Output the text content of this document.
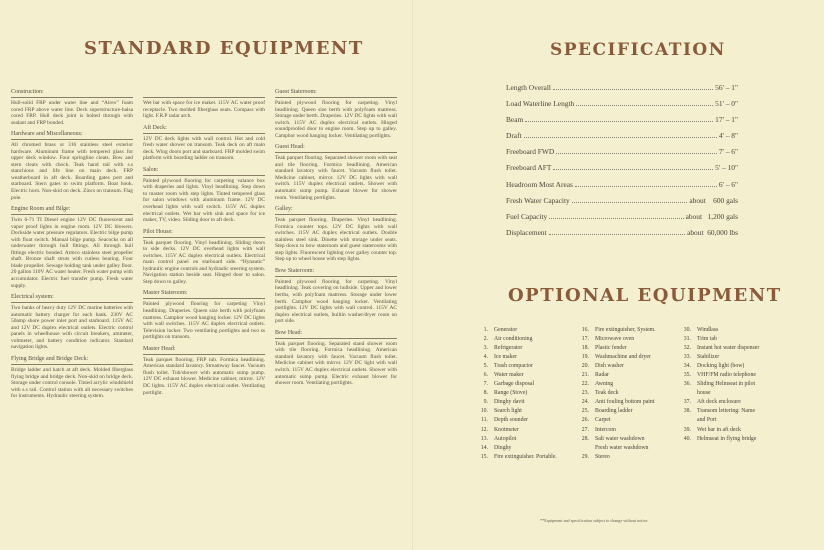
STANDARD EQUIPMENT
Construction:

Hull-solid FRP under water line and “Airex” foam cored FRP above water line. Deck superstructure-balsa cored FRP. Hull deck joint is bolted through with sealant and FRP bonded.

Hardware and Miscellaneous:

All chromed brass or 316 stainless steel exterior hardware. Aluminum frame with tempered glass for upper deck window. Four springline cleats. Bow and stern cleats with chock. Teak hand rail with s.s stanchions and life line on main deck. FRP weatherboard in aft deck. Boarding gates port and starboard. Stern gates to swim platform. Boat hook. Electric horn. Non-skid on deck. Zincs on transom. Flag pole.

Engine Room and Bilge:

Twin 6-71 TI Diesel engine 12V DC fluorescent and vapor proof lights in engine room. 12V DC blowers. Dockside water pressure regulators. Electric bilge pump with float switch. Manual bilge pump. Seacocks on all underwater through hull fittings. All through hull fittings electric bonded. Armco stainless steel propeller shaft. Bronze shaft struts with cutless bearing. Four blade propeller. Sewage holding tank under galley floor. 20 gallon 110V AC water heater. Fresh water pump with accumulator. Electric fuel transfer pump. Fresh water supply.

Electrical system:

Two banks of heavy duty 12V DC marine batteries with automatic battery charger for each bank. 230V AC 50amp shore power inlet port and starboard. 115V AC and 12V DC duplex electrical outlets. Electric control panels in wheelhouse with circuit breakers, ammeter, voltmeter, and battery condition indicator. Standard navigation lights.

Flying Bridge and Bridge Deck:

Bridge ladder and hatch at aft deck. Molded fiberglass flying bridge and bridge deck. Non-skid on bridge deck. Storage under control console. Tinted acrylic windshield with s.s rail. Control station with all necessary switches for instruments. Hydraulic steering system.

Wet bar with space for ice maker. 115V AC water proof receptacle. Two molded fiberglass seats. Compass with light. F.R.P radar arch.

Aft Deck:

12V DC deck lights with wall control. Hot and cold fresh water shower on transom. Teak deck on aft main deck. Wing doors port and starboard. FRP molded swim platform with boarding ladder on transom.

Salon:

Painted plywood flooring for carpeting valance box with draperies and lights. Vinyl headlining. Step down to master room with step lights. Tinted tempered glass for salon windows with aluminum frame. 12V DC overhead lights with wall switch. 115V AC duplex electrical outlets. Wet bar with sink and space for ice maker, TV, video. Sliding door to aft deck.

Pilot House:

Teak parquet flooring. Vinyl headlining. Sliding doors to side decks. 12V DC overhead lights with wall switches. 115V AC duplex electrical outlets. Electrical main control panel on starboard side. “Hynautic” hydraulic engine controls and hydraulic steering system. Navigation station beside seat. Hinged door to salon. Step down to galley.

Master Stateroom:

Painted plywood flooring for carpeting Vinyl headlining. Draperies. Queen size berth with polyfoam mattress. Camphor wood hanging locker. 12V DC lights with wall switches. 115V AC duplex electrical outlets. Television locker. Two ventilating portlights and two ss portlights on transom.

Master Head:

Teak parquet flooring. FRP tub. Formica headlining. American standard lavatory. Streamway faucet. Vacuum flush toilet. Tub/shower with automatic sump pump. 12V DC exhaust blower. Medicine cabinet, mirror. 12V DC lights. 115V AC duplex electrical outlet. Ventilating portlight.

Guest Stateroom:

Painted plywood flooring for carpeting. Vinyl headlining. Queen size berth with polyfoam mattress. Storage under berth. Draperies. 12V DC lights with wall switch. 115V AC duplex electrical outlets. Hinged soundproofed door to engine room. Step up to galley. Camphor wood hanging locker. Ventilating portlights.

Guest Head:

Teak parquet flooring. Separated shower room with seat and tile flooring. Formica headlining. American standard lavatory with faucet. Vacuum flush toilet. Medicine cabinet, mirror. 12V DC lights with wall switch. 115V duplex electrical outlets. Shower with automatic sump pump. Exhaust blower for shower room. Ventilating portlights.

Galley:

Teak parquet flooring. Draperies. Vinyl headlining. Formica counter tops. 12V DC lights with wall switches. 115V AC duplex electrical outlets. Double stainless steel sink. Dinette with storage under seats. Step down to bow stateroom and guest staterooms with step lights. Fluorescent lighting over galley counter top. Step up to wheel house with step lights.

Bow Stateroom:

Painted plywood flooring for carpeting. Vinyl headlining. Teak covering on hullside. Upper and lower berths, with polyfoam mattress. Storage under lower berth. Camphor wood hanging locker. Ventilating portlights. 12V DC lights with wall control. 115V AC duplex electrical outlets, builtin washer/dryer room on port side.

Bow Head:

Teak parquet flooring. Separated stand shower room with tile flooring. Formica headlining. American standard lavatory with faucet. Vacuum flush toilet. Medicine cabinet with mirror. 12V DC light with wall switch. 115V AC duplex electrical outlets. Shower with automatic sump pump. Electric exhaust blower for shower room. Ventilating portlights.

SPECIFICATION
Length Overall	56' – 1"
Load Waterline Length	51' – 0"
Beam	17' – 1"
Draft	4' – 8"
Freeboard FWD	7' – 6"
Freeboard AFT	5' – 10"
Headroom Most Areas	6' – 6"
Fresh Water Capacity	about    600 gals
Fuel Capacity	about   1,200 gals
Displacement	about  60,000 lbs
OPTIONAL EQUIPMENT
1.	Generator
2.	Air conditioning
3.	Refrigerator
4.	Ice maker
5.	Trash compactor
6.	Water maker
7.	Garbage disposal
8.	Range (Stove)
9.	Dinghy davit
10.	Search light
11.	Depth sounder
12.	Knotmeter
13.	Autopilot
14.	Dinghy
15.	Fire extinguisher. Portable.
16.	Fire extinguisher, System.
17.	Microwave oven
18.	Plastic fender
19.	Washmachine and dryer
20.	Dish washer
21.	Radar
22.	Awning
23.	Teak deck
24.	Anti fouling bottom paint
25.	Boarding ladder
26.	Carpet
27.	Intercom
28.	Salt water washdown
Fresh water washdown
29.	Stereo
30.	Windlass
31.	Trim tab
32.	Instant hot water dispenser
33.	Stabilizer
34.	Docking light (bow)
35.	VHF/FM radio telephone
36.	Sliding Helmseat in pilot
house
37.	Aft deck enclosure
38.	Transom lettering: Name
and Port
39.	Wet bar in aft deck
40.	Helmseat in flying bridge
**Equipment and specification subject to change without notice.
